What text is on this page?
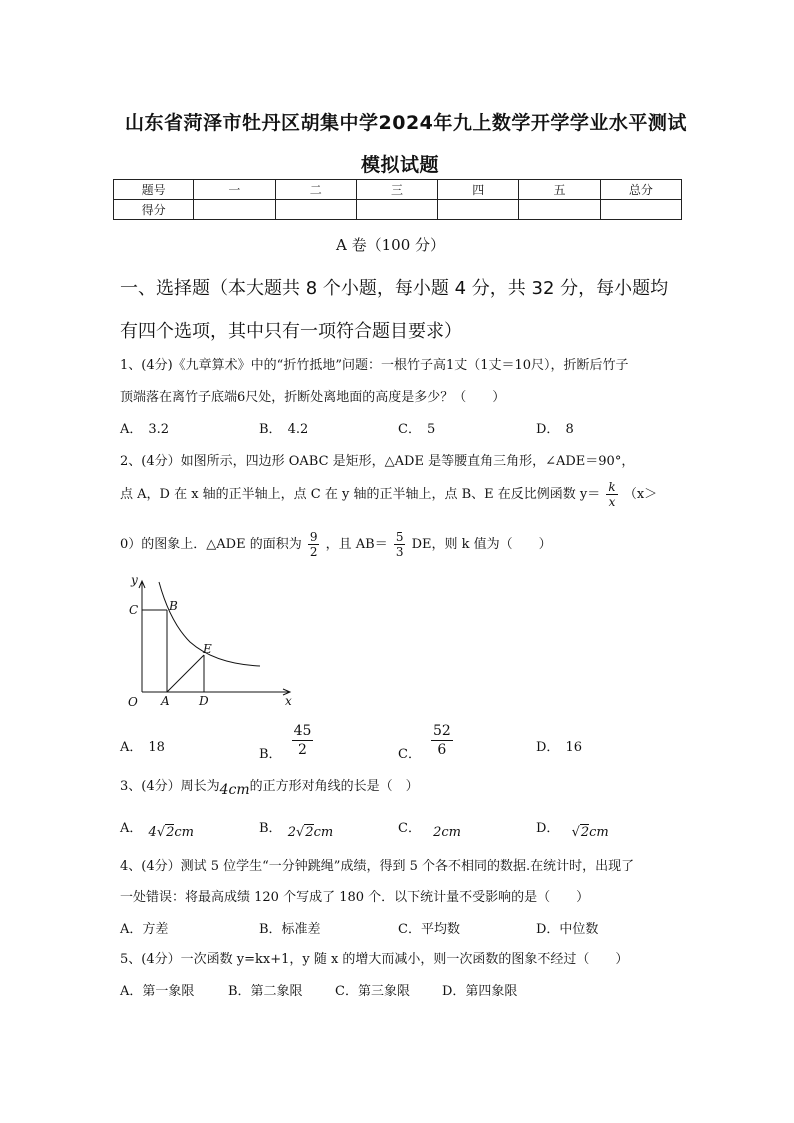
山东省菏泽市牡丹区胡集中学2024年九上数学开学学业水平测试
模拟试题
题号	一	二	三	四	五	总分
得分						
A 卷（100 分）
一、选择题（本大题共 8 个小题，每小题 4 分，共 32 分，每小题均
有四个选项，其中只有一项符合题目要求）
1、(4分)《九章算术》中的“折竹抵地”问题：一根竹子高1丈（1丈＝10尺），折断后竹子
顶端落在离竹子底端6尺处，折断处离地面的高度是多少？（　　）
A． 3.2	B． 4.2	C． 5	D． 8
2、(4分）如图所示，四边形 OABC 是矩形，△ADE 是等腰直角三角形，∠ADE＝90°，
点 A，D 在 x 轴的正半轴上，点 C 在 y 轴的正半轴上，点 B、E 在反比例函数 $y= \frac{k}{x} (x>$
0）的图象上．△ADE 的面积为 $\frac{9}{2}$ ，且 $AB= \frac{5}{3}$ DE，则 k 值为（　　）
y
C	B
E
O A D	x
A． 18	B． $\frac{45}{2}$	C． $\frac{52}{6}$	D． 16
3、(4分）周长为4cm的正方形对角线的长是（　）
A． 4√2cm	B． 2√2cm	C． 2cm	D． √2cm
4、(4分）测试 5 位学生“一分钟跳绳”成绩，得到 5 个各不相同的数据.在统计时，出现了
一处错误：将最高成绩 120 个写成了 180 个．以下统计量不受影响的是（　　）
A．方差	B．标准差	C．平均数	D．中位数
5、(4分）一次函数 y=kx+1，y 随 x 的增大而减小，则一次函数的图象不经过（　　）
A．第一象限	B．第二象限 C．第三象限 D．第四象限
